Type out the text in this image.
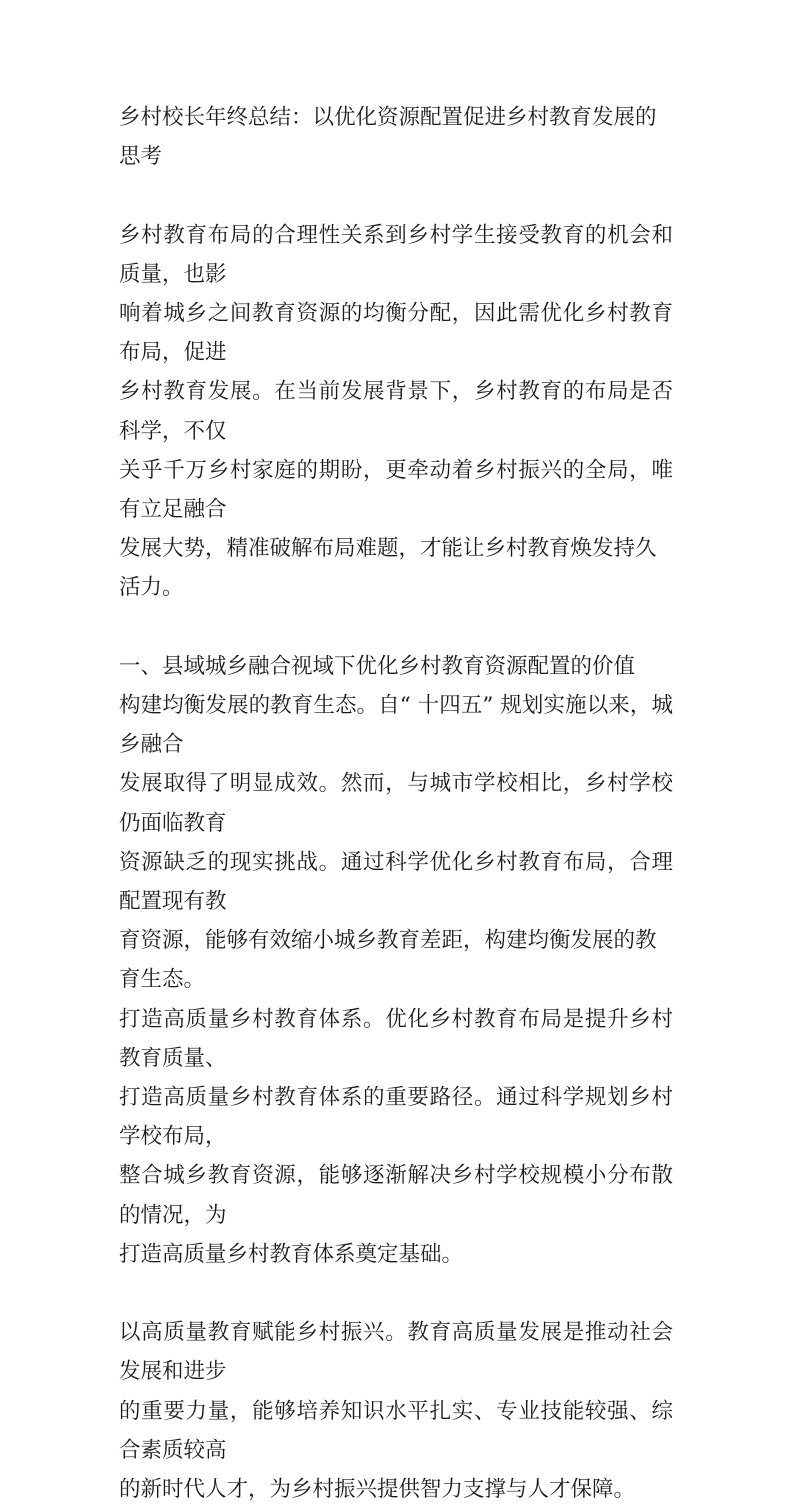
乡村校长年终总结：以优化资源配置促进乡村教育发展的思考
乡村教育布局的合理性关系到乡村学生接受教育的机会和质量，也影
响着城乡之间教育资源的均衡分配，因此需优化乡村教育布局，促进
乡村教育发展。在当前发展背景下，乡村教育的布局是否科学，不仅
关乎千万乡村家庭的期盼，更牵动着乡村振兴的全局，唯有立足融合
发展大势，精准破解布局难题，才能让乡村教育焕发持久活力。
一、县域城乡融合视域下优化乡村教育资源配置的价值
构建均衡发展的教育生态。自“ 十四五” 规划实施以来，城乡融合
发展取得了明显成效。然而，与城市学校相比，乡村学校仍面临教育
资源缺乏的现实挑战。通过科学优化乡村教育布局，合理配置现有教
育资源，能够有效缩小城乡教育差距，构建均衡发展的教育生态。
打造高质量乡村教育体系。优化乡村教育布局是提升乡村教育质量、
打造高质量乡村教育体系的重要路径。通过科学规划乡村学校布局，
整合城乡教育资源，能够逐渐解决乡村学校规模小分布散的情况，为
打造高质量乡村教育体系奠定基础。
以高质量教育赋能乡村振兴。教育高质量发展是推动社会发展和进步
的重要力量，能够培养知识水平扎实、专业技能较强、综合素质较高
的新时代人才，为乡村振兴提供智力支撑与人才保障。
